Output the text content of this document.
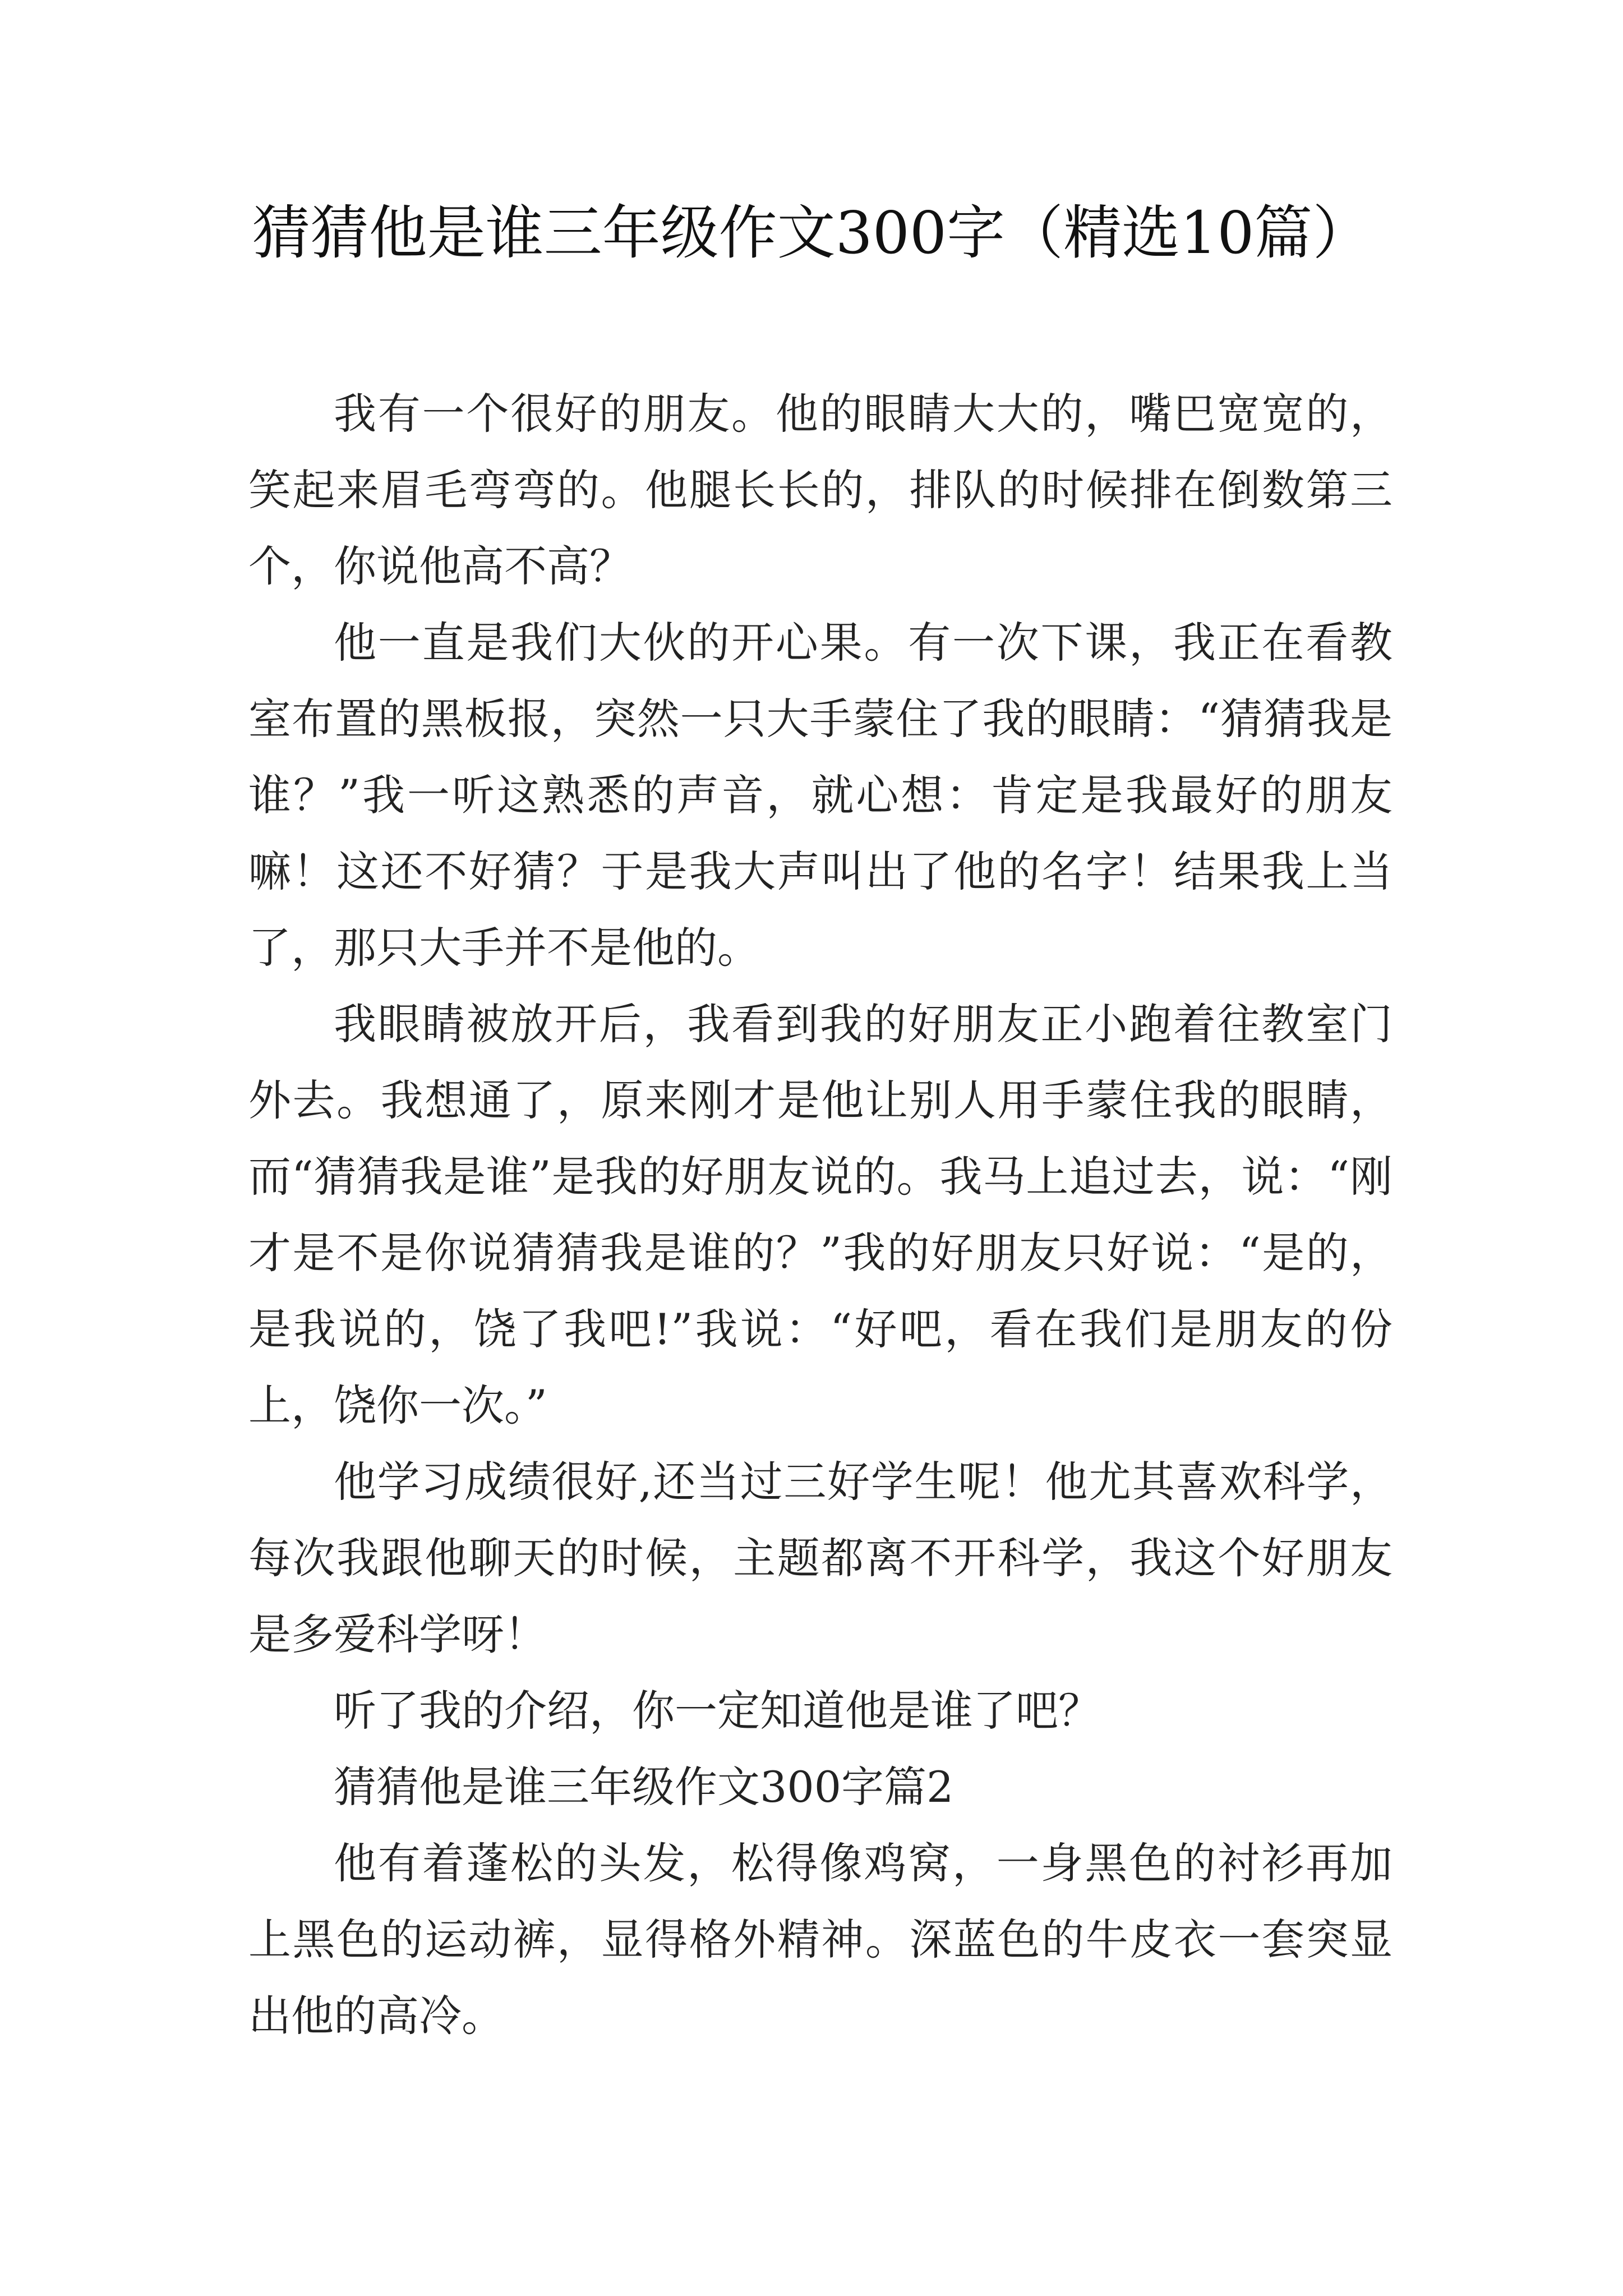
猜猜他是谁三年级作文300字（精选10篇）

我有一个很好的朋友。他的眼睛大大的，嘴巴宽宽的，笑起来眉毛弯弯的。他腿长长的，排队的时候排在倒数第三个，你说他高不高？

他一直是我们大伙的开心果。有一次下课，我正在看教室布置的黑板报，突然一只大手蒙住了我的眼睛：“猜猜我是谁？”我一听这熟悉的声音，就心想：肯定是我最好的朋友嘛！这还不好猜？于是我大声叫出了他的名字！结果我上当了，那只大手并不是他的。

我眼睛被放开后，我看到我的好朋友正小跑着往教室门外去。我想通了，原来刚才是他让别人用手蒙住我的眼睛，而“猜猜我是谁”是我的好朋友说的。我马上追过去，说：“刚才是不是你说猜猜我是谁的？”我的好朋友只好说：“是的，是我说的，饶了我吧!”我说：“好吧，看在我们是朋友的份上，饶你一次。”

他学习成绩很好,还当过三好学生呢！他尤其喜欢科学，每次我跟他聊天的时候，主题都离不开科学，我这个好朋友是多爱科学呀！

听了我的介绍，你一定知道他是谁了吧？

猜猜他是谁三年级作文300字篇2

他有着蓬松的头发，松得像鸡窝，一身黑色的衬衫再加上黑色的运动裤，显得格外精神。深蓝色的牛皮衣一套突显出他的高冷。
